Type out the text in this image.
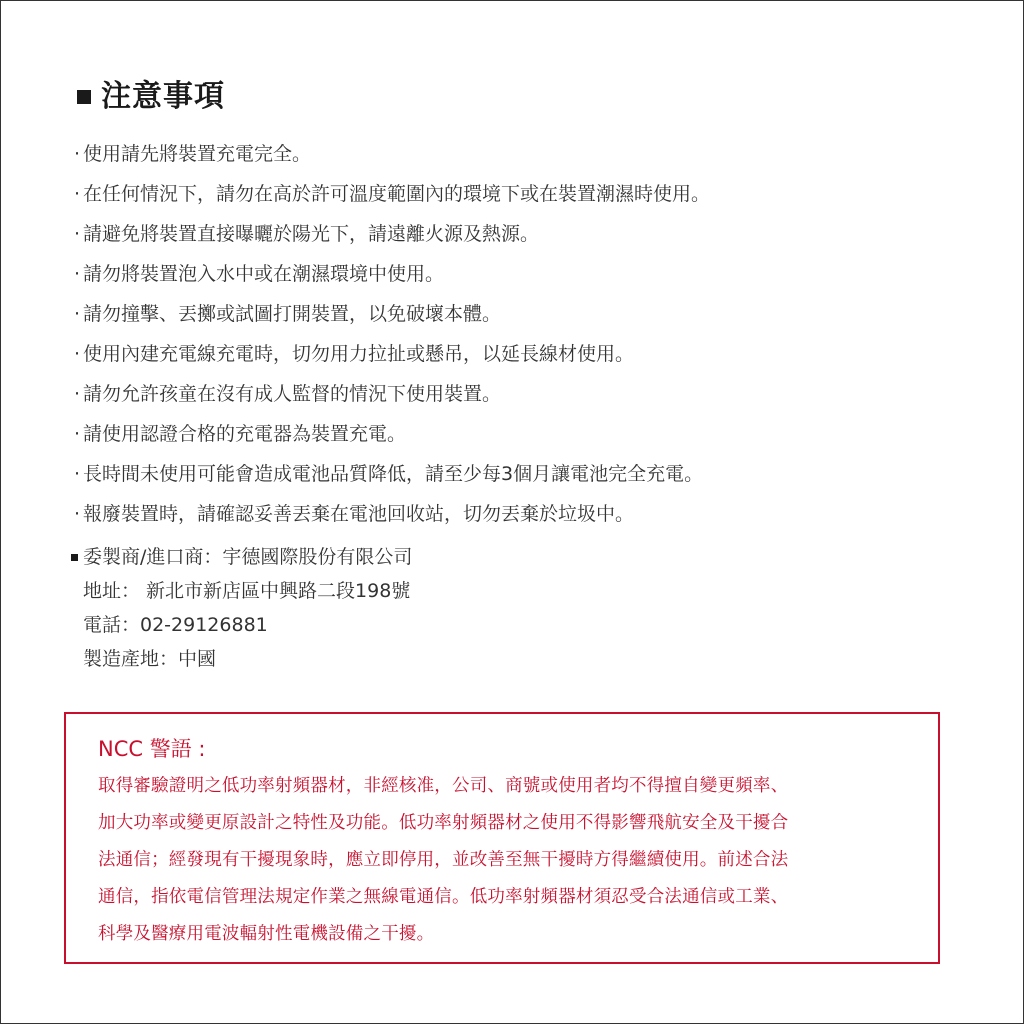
注意事項
· 使用請先將裝置充電完全。
· 在任何情況下，請勿在高於許可溫度範圍內的環境下或在裝置潮濕時使用。
· 請避免將裝置直接曝曬於陽光下，請遠離火源及熱源。
· 請勿將裝置泡入水中或在潮濕環境中使用。
· 請勿撞擊、丟擲或試圖打開裝置，以免破壞本體。
· 使用內建充電線充電時，切勿用力拉扯或懸吊，以延長線材使用。
· 請勿允許孩童在沒有成人監督的情況下使用裝置。
· 請使用認證合格的充電器為裝置充電。
· 長時間未使用可能會造成電池品質降低，請至少每3個月讓電池完全充電。
· 報廢裝置時，請確認妥善丟棄在電池回收站，切勿丟棄於垃圾中。
委製商/進口商：宇德國際股份有限公司
地址： 新北市新店區中興路二段198號
電話：02-29126881
製造產地：中國
NCC 警語 :
取得審驗證明之低功率射頻器材，非經核准，公司、商號或使用者均不得擅自變更頻率、
加大功率或變更原設計之特性及功能。低功率射頻器材之使用不得影響飛航安全及干擾合
法通信；經發現有干擾現象時，應立即停用，並改善至無干擾時方得繼續使用。前述合法
通信，指依電信管理法規定作業之無線電通信。低功率射頻器材須忍受合法通信或工業、
科學及醫療用電波輻射性電機設備之干擾。
